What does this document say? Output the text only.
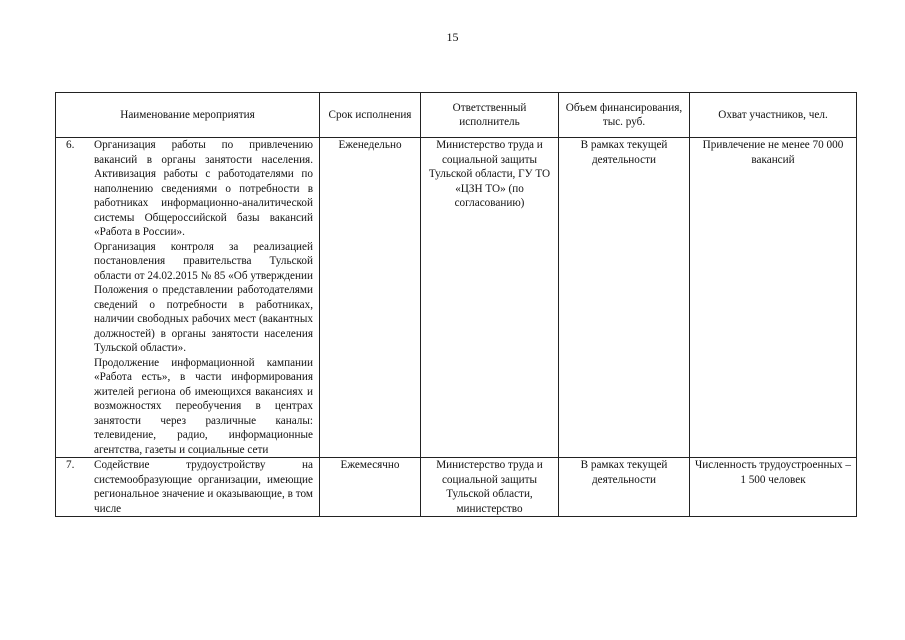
15
Наименование мероприятия	Срок исполнения	Ответственный исполнитель	Объем финансирования, тыс. руб.	Охват участников, чел.

6. Организация работы по привлечению вакансий в органы занятости населения. Активизация работы с работодателями по наполнению сведениями о потребности в работниках информационно-аналитической системы Общероссийской базы вакансий «Работа в России».
Организация контроля за реализацией постановления правительства Тульской области от 24.02.2015 № 85 «Об утверждении Положения о представлении работодателями сведений о потребности в работниках, наличии свободных рабочих мест (вакантных должностей) в органы занятости населения Тульской области».
Продолжение информационной кампании «Работа есть», в части информирования жителей региона об имеющихся вакансиях и возможностях переобучения в центрах занятости через различные каналы: телевидение, радио, информационные агентства, газеты и социальные сети	Еженедельно	Министерство труда и социальной защиты Тульской области, ГУ ТО «ЦЗН ТО» (по согласованию)	В рамках текущей деятельности	Привлечение не менее 70 000 вакансий

7. Содействие трудоустройству на системообразующие организации, имеющие региональное значение и оказывающие, в том числе	Ежемесячно	Министерство труда и социальной защиты Тульской области, министерство	В рамках текущей деятельности	Численность трудоустроенных – 1 500 человек
